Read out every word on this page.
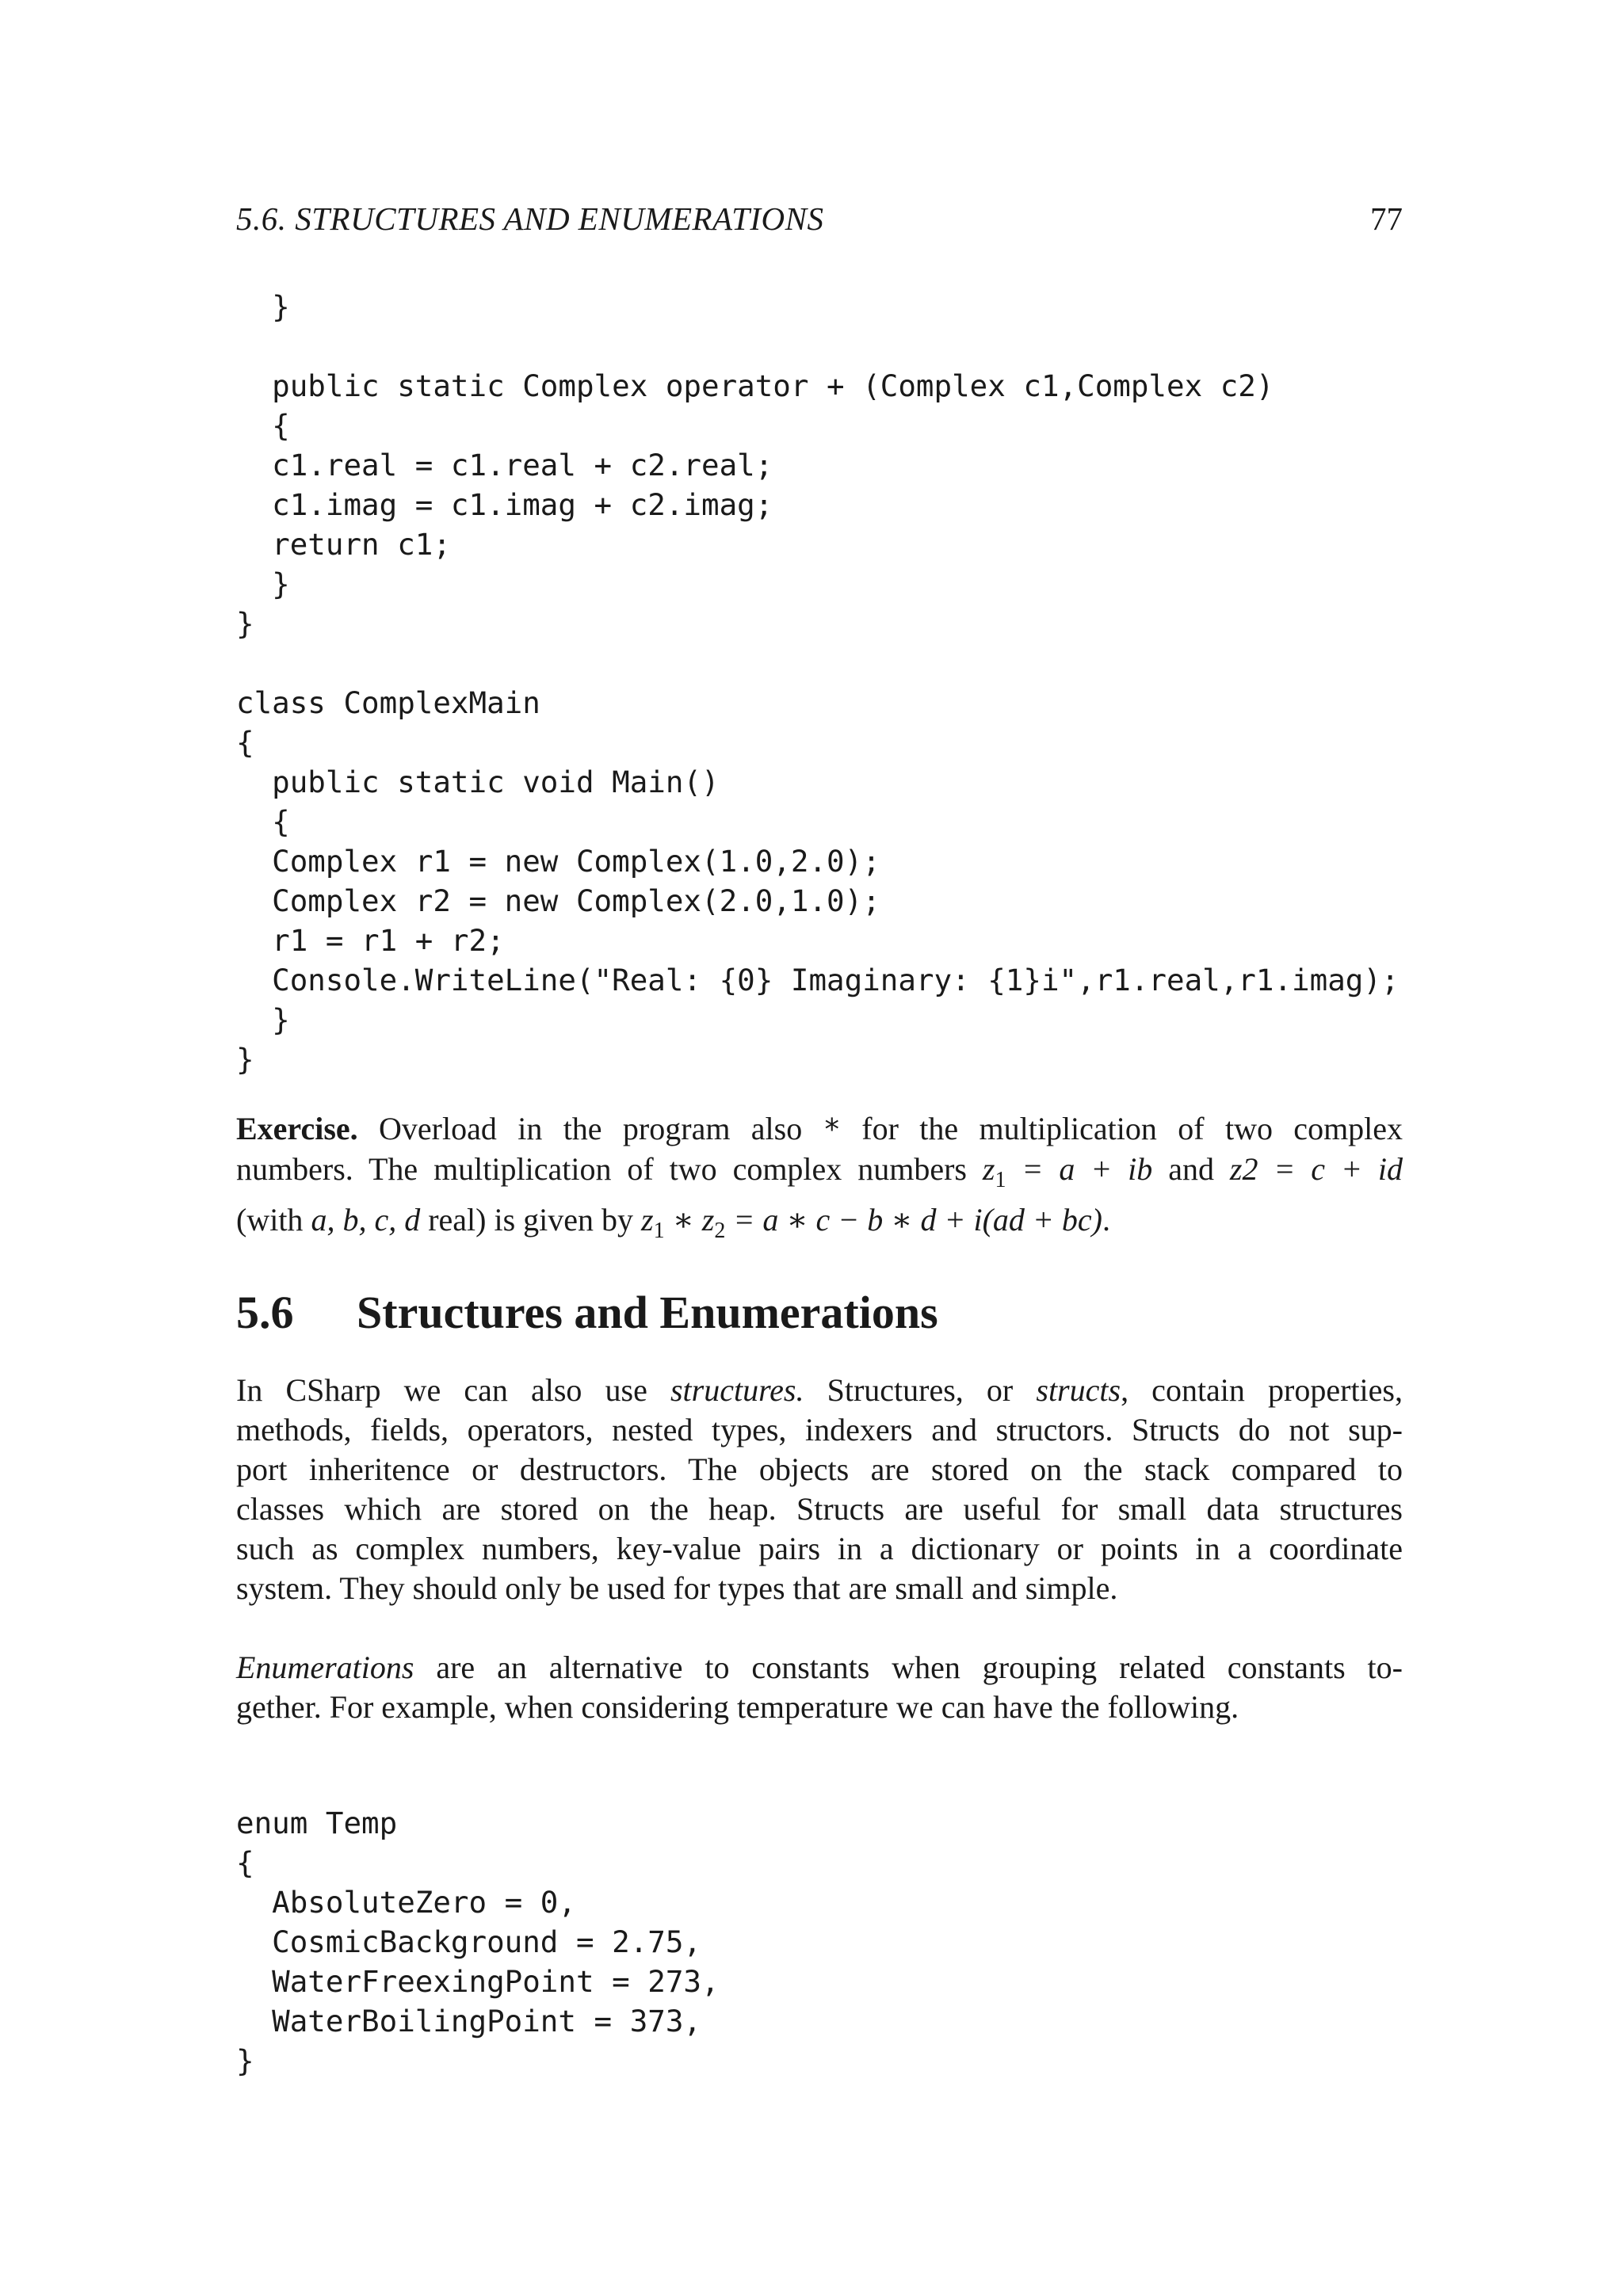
5.6. STRUCTURES AND ENUMERATIONS	77
}
public static Complex operator + (Complex c1,Complex c2)
{
c1.real = c1.real + c2.real;
c1.imag = c1.imag + c2.imag;
return c1;
}
}
class ComplexMain
{
public static void Main()
{
Complex r1 = new Complex(1.0,2.0);
Complex r2 = new Complex(2.0,1.0);
r1 = r1 + r2;
Console.WriteLine("Real: {0} Imaginary: {1}i",r1.real,r1.imag);
}
}
Exercise. Overload in the program also * for the multiplication of two complex
numbers. The multiplication of two complex numbers $z_1 = a$ + ib and z2 = c + id
(with a, b, c, d real) is given by $z_1$ ∗ $z_2 = a$ ∗ c − b ∗ d + i(ad + bc).
5.6 Structures and Enumerations
In CSharp we can also use structures. Structures, or structs, contain properties,
methods, fields, operators, nested types, indexers and structors. Structs do not sup-
port inheritence or destructors. The objects are stored on the stack compared to
classes which are stored on the heap. Structs are useful for small data structures
such as complex numbers, key-value pairs in a dictionary or points in a coordinate
system. They should only be used for types that are small and simple.
Enumerations are an alternative to constants when grouping related constants to-
gether. For example, when considering temperature we can have the following.
enum Temp
{
AbsoluteZero = 0,
CosmicBackground = 2.75,
WaterFreexingPoint = 273,
WaterBoilingPoint = 373,
}
